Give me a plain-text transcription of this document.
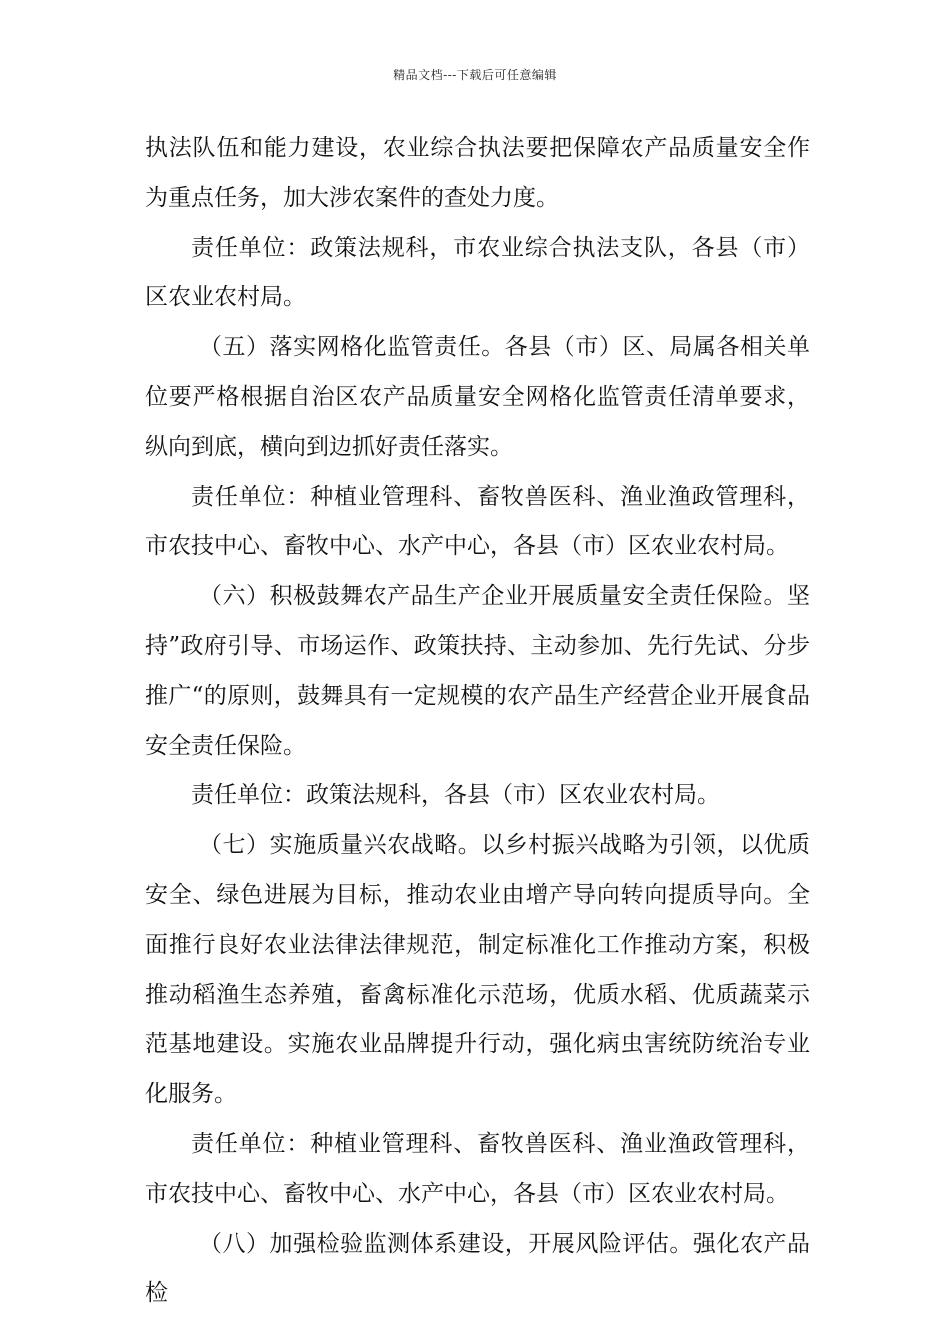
精品文档---下载后可任意编辑

执法队伍和能力建设，农业综合执法要把保障农产品质量安全作为重点任务，加大涉农案件的查处力度。

责任单位：政策法规科，市农业综合执法支队，各县（市）区农业农村局。

（五）落实网格化监管责任。各县（市）区、局属各相关单位要严格根据自治区农产品质量安全网格化监管责任清单要求，纵向到底，横向到边抓好责任落实。

责任单位：种植业管理科、畜牧兽医科、渔业渔政管理科，市农技中心、畜牧中心、水产中心，各县（市）区农业农村局。

（六）积极鼓舞农产品生产企业开展质量安全责任保险。坚持”政府引导、市场运作、政策扶持、主动参加、先行先试、分步推广“的原则，鼓舞具有一定规模的农产品生产经营企业开展食品安全责任保险。

责任单位：政策法规科，各县（市）区农业农村局。

（七）实施质量兴农战略。以乡村振兴战略为引领，以优质安全、绿色进展为目标，推动农业由增产导向转向提质导向。全面推行良好农业法律法律规范，制定标准化工作推动方案，积极推动稻渔生态养殖，畜禽标准化示范场，优质水稻、优质蔬菜示范基地建设。实施农业品牌提升行动，强化病虫害统防统治专业化服务。

责任单位：种植业管理科、畜牧兽医科、渔业渔政管理科，市农技中心、畜牧中心、水产中心，各县（市）区农业农村局。

（八）加强检验监测体系建设，开展风险评估。强化农产品检
